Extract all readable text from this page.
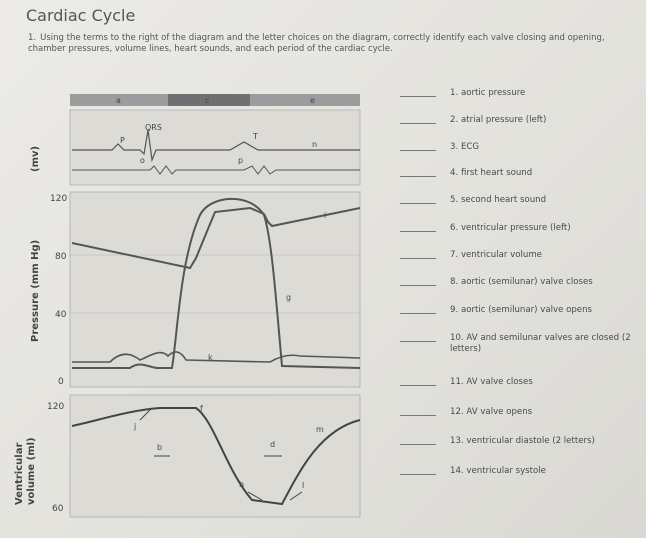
Cardiac Cycle
1. Using the terms to the right of the diagram and the letter choices on the diagram, correctly identify each valve closing and opening, chamber pressures, volume lines, heart sounds, and each period of the cardiac cycle.
(mv)
Pressure (mm Hg)
Ventricular volume (ml)
120
80
40
0
120
60
a	c	e
QRS
P	T
n
o	p
i
g
k
f
j	m
b	d
h	l
1. aortic pressure
2. atrial pressure (left)
3. ECG
4. first heart sound
5. second heart sound
6. ventricular pressure (left)
7. ventricular volume
8. aortic (semilunar) valve closes
9. aortic (semilunar) valve opens
10. AV and semilunar valves are closed (2 letters)
11. AV valve closes
12. AV valve opens
13. ventricular diastole (2 letters)
14. ventricular systole
